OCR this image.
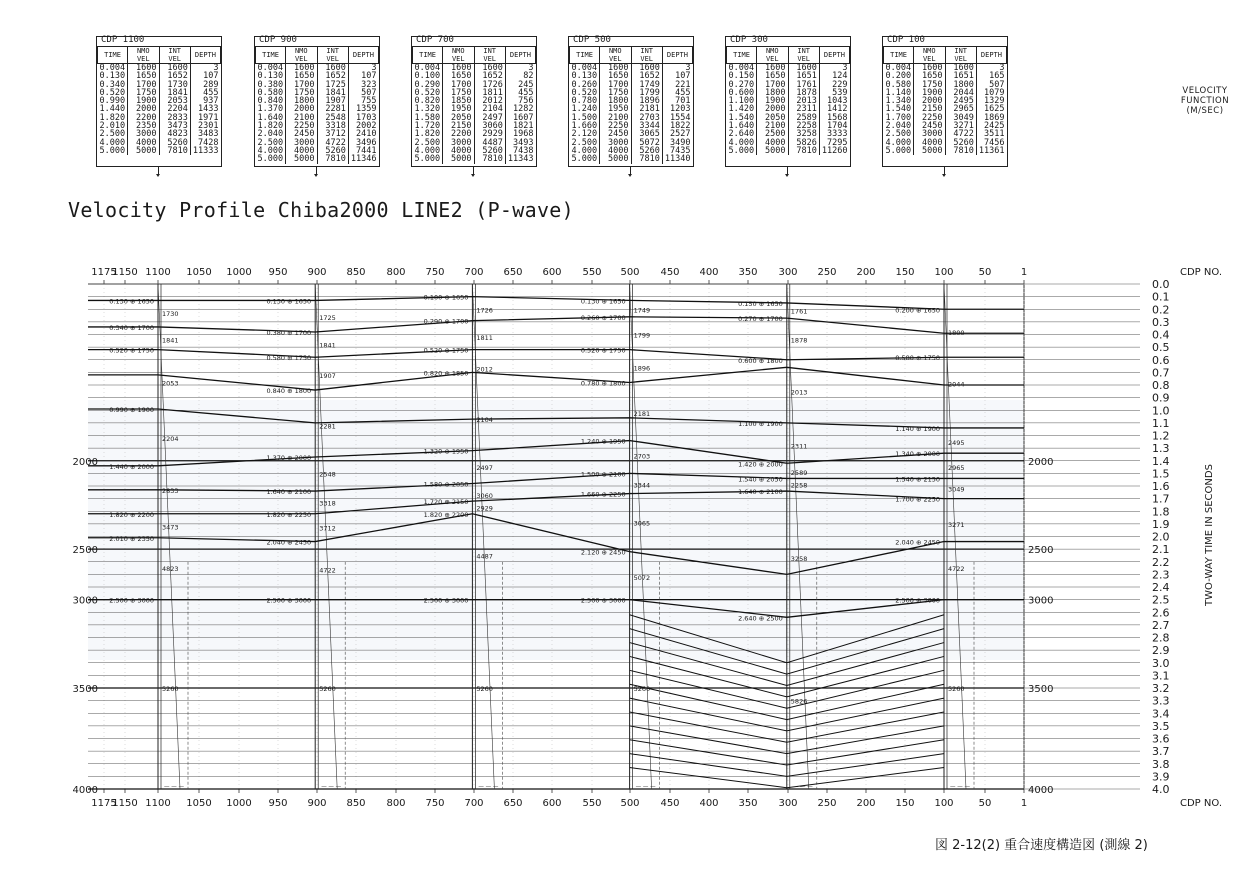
CDP 1100
TIME	NMO VEL	INT VEL	DEPTH
0.004	1600	1600	3
0.130	1650	1652	107
0.340	1700	1730	289
0.520	1750	1841	455
0.990	1900	2053	937
1.440	2000	2204	1433
1.820	2200	2833	1971
2.010	2350	3473	2301
2.500	3000	4823	3483
4.000	4000	5260	7428
5.000	5000	7810	11333
CDP 900
TIME	NMO VEL	INT VEL	DEPTH
0.004	1600	1600	3
0.130	1650	1652	107
0.380	1700	1725	323
0.580	1750	1841	507
0.840	1800	1907	755
1.370	2000	2281	1359
1.640	2100	2548	1703
1.820	2250	3318	2002
2.040	2450	3712	2410
2.500	3000	4722	3496
4.000	4000	5260	7441
5.000	5000	7810	11346
CDP 700
TIME	NMO VEL	INT VEL	DEPTH
0.004	1600	1600	3
0.100	1650	1652	82
0.290	1700	1726	245
0.520	1750	1811	455
0.820	1850	2012	756
1.320	1950	2104	1282
1.580	2050	2497	1607
1.720	2150	3060	1821
1.820	2200	2929	1968
2.500	3000	4487	3493
4.000	4000	5260	7438
5.000	5000	7810	11343
CDP 500
TIME	NMO VEL	INT VEL	DEPTH
0.004	1600	1600	3
0.130	1650	1652	107
0.260	1700	1749	221
0.520	1750	1799	455
0.780	1800	1896	701
1.240	1950	2181	1203
1.500	2100	2703	1554
1.660	2250	3344	1822
2.120	2450	3065	2527
2.500	3000	5072	3490
4.000	4000	5260	7435
5.000	5000	7810	11340
CDP 300
TIME	NMO VEL	INT VEL	DEPTH
0.004	1600	1600	3
0.150	1650	1651	124
0.270	1700	1761	229
0.600	1800	1878	539
1.100	1900	2013	1043
1.420	2000	2311	1412
1.540	2050	2589	1568
1.640	2100	2258	1704
2.640	2500	3258	3333
4.000	4000	5826	7295
5.000	5000	7810	11260
CDP 100
TIME	NMO VEL	INT VEL	DEPTH
0.004	1600	1600	3
0.200	1650	1651	165
0.580	1750	1800	507
1.140	1900	2044	1079
1.340	2000	2495	1329
1.540	2150	2965	1625
1.700	2250	3049	1869
2.040	2450	3271	2425
2.500	3000	4722	3511
4.000	4000	5260	7456
5.000	5000	7810	11361
VELOCITY
FUNCTION
(M/SEC)
Velocity Profile Chiba2000 LINE2 (P-wave)
1175
1175
1150
1150
1100
1100
1050
1050
1000
1000
950
950
900
900
850
850
800
800
750
750
700
700
650
650
600
600
550
550
500
500
450
450
400
400
350
350
300
300
250
250
200
200
150
150
100
100
50
50
1
1
CDP NO.
CDP NO.
0.0
0.1
0.2
0.3
0.4
0.5
0.6
0.7
0.8
0.9
1.0
1.1
1.2
1.3
1.4
1.5
1.6
1.7
1.8
1.9
2.0
2.1
2.2
2.3
2.4
2.5
2.6
2.7
2.8
2.9
3.0
3.1
3.2
3.3
3.4
3.5
3.6
3.7
3.8
3.9
4.0
TWO-WAY TIME IN SECONDS
2000	2000
2500	2500
3000	3000
3500	3500
4000	4000
0.130 ⊕ 1650	0.130 ⊕ 1650	0.100 ⊕ 1650	0.130 ⊕ 1650	0.150 ⊕ 1650
0.200 ⊕ 1650
0.340 ⊕ 1700
0.380 ⊕ 1700
0.290 ⊕ 1700	0.260 ⊕ 1700	0.270 ⊕ 1700
0.520 ⊕ 1750
0.580 ⊕ 1750
0.520 ⊕ 1750	0.520 ⊕ 1750
0.600 ⊕ 1800	0.580 ⊕ 1750
0.840 ⊕ 1800
0.820 ⊕ 1850
0.780 ⊕ 1800
0.990 ⊕ 1900
1.100 ⊕ 1900
1.140 ⊕ 1900
1.440 ⊕ 2000
1.370 ⊕ 2000
1.320 ⊕ 1950
1.240 ⊕ 1950
1.420 ⊕ 2000
1.340 ⊕ 2000
1.640 ⊕ 2100
1.580 ⊕ 2050
1.500 ⊕ 2100
1.540 ⊕ 2050	1.540 ⊕ 2150
1.820 ⊕ 2200	1.820 ⊕ 2250
1.720 ⊕ 2150
1.660 ⊕ 2250	1.640 ⊕ 2100
1.700 ⊕ 2250
2.010 ⊕ 2350	2.040 ⊕ 2450
1.820 ⊕ 2200
2.120 ⊕ 2450
2.040 ⊕ 2450
2.500 ⊕ 3000	2.500 ⊕ 3000	2.500 ⊕ 3000	2.500 ⊕ 3000
2.640 ⊕ 2500
2.500 ⊕ 3000
1730
1841
2053
2204
2833
3473
4823
5260
1725
1841
1907
2281
2548
3318
3712
4722
5260
1726
1811
2012
2104
2497
3060
2929
4487
5260
1749
1799
1896
2181
2703
3344
3065
5072
5260
1761
1878
2013
2311
2589
2258
3258
5826
1800
2044
2495
2965
3049
3271
4722
5260
— — —	— — —	— — —	— — —	— — —	— — —
図 2-12(2) 重合速度構造図 (測線 2)
